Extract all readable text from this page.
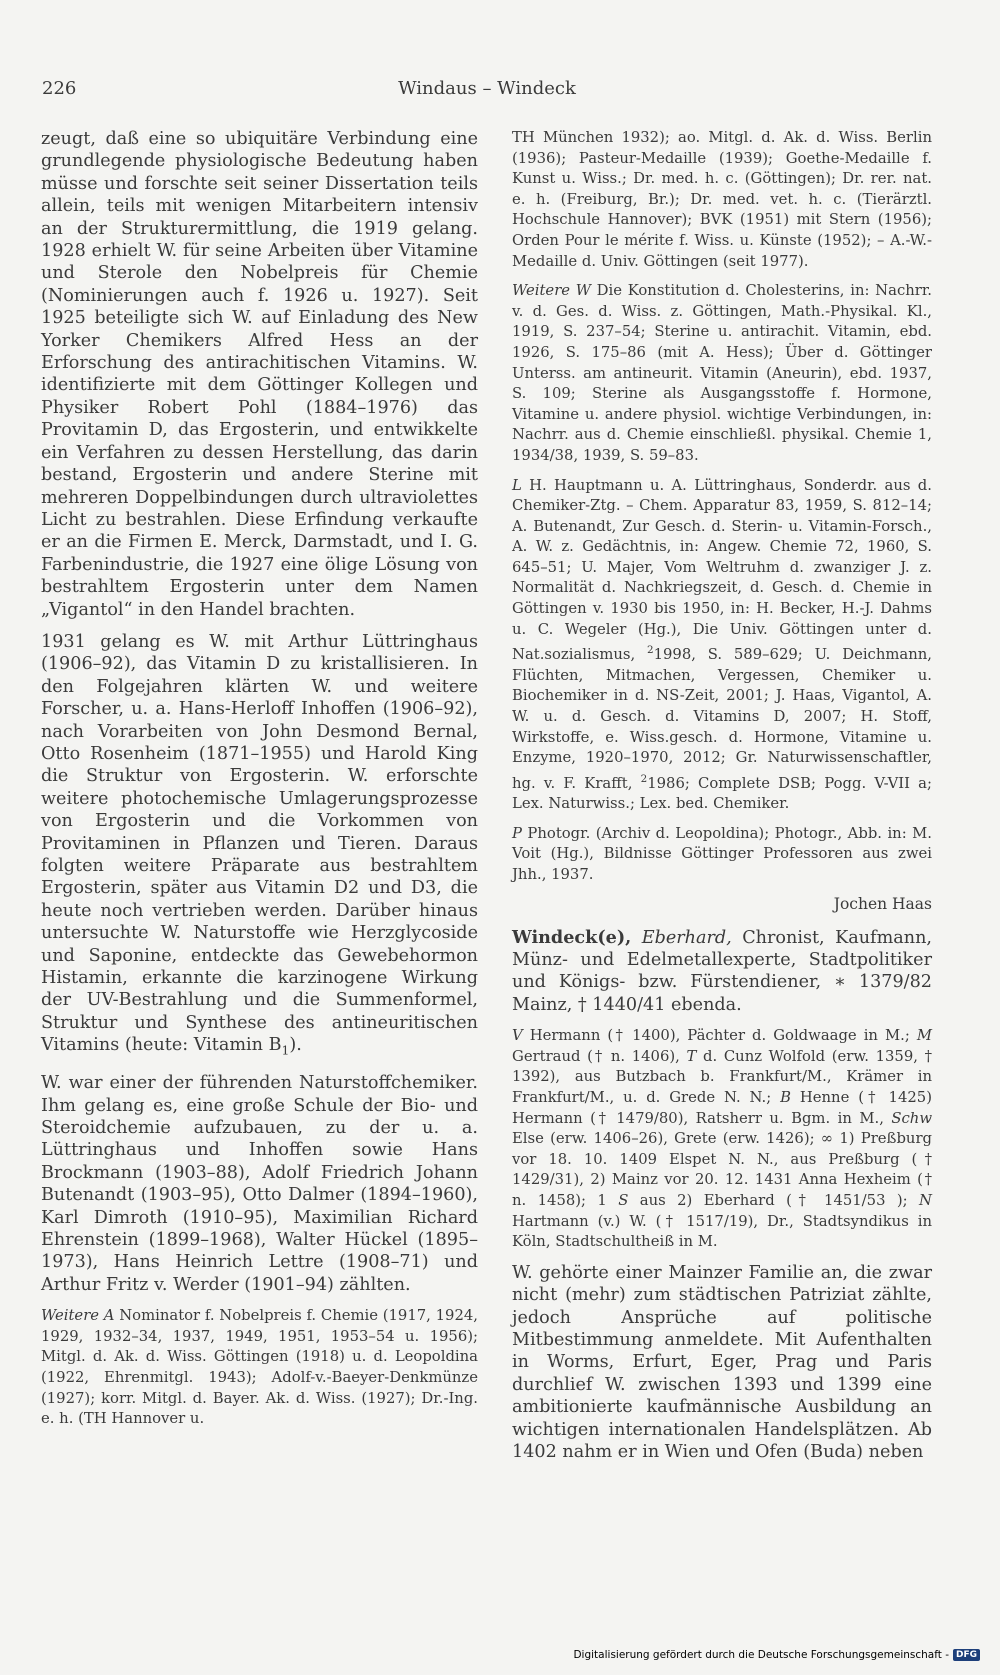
226	Windaus – Windeck

zeugt, daß eine so ubiquitäre Verbindung eine grundlegende physiologische Bedeutung haben müsse und forschte seit seiner Dissertation teils allein, teils mit wenigen Mitarbeitern intensiv an der Strukturermittlung, die 1919 gelang. 1928 erhielt W. für seine Arbeiten über Vitamine und Sterole den Nobelpreis für Chemie (Nominierungen auch f. 1926 u. 1927). Seit 1925 beteiligte sich W. auf Einladung des New Yorker Chemikers Alfred Hess an der Erforschung des antirachitischen Vitamins. W. identifizierte mit dem Göttinger Kollegen und Physiker Robert Pohl (1884–1976) das Provitamin D, das Ergosterin, und entwikkelte ein Verfahren zu dessen Herstellung, das darin bestand, Ergosterin und andere Sterine mit mehreren Doppelbindungen durch ultraviolettes Licht zu bestrahlen. Diese Erfindung verkaufte er an die Firmen E. Merck, Darmstadt, und I. G. Farbenindustrie, die 1927 eine ölige Lösung von bestrahltem Ergosterin unter dem Namen „Vigantol“ in den Handel brachten.

1931 gelang es W. mit Arthur Lüttringhaus (1906–92), das Vitamin D zu kristallisieren. In den Folgejahren klärten W. und weitere Forscher, u. a. Hans-Herloff Inhoffen (1906–92), nach Vorarbeiten von John Desmond Bernal, Otto Rosenheim (1871–1955) und Harold King die Struktur von Ergosterin. W. erforschte weitere photochemische Umlagerungsprozesse von Ergosterin und die Vorkommen von Provitaminen in Pflanzen und Tieren. Daraus folgten weitere Präparate aus bestrahltem Ergosterin, später aus Vitamin D2 und D3, die heute noch vertrieben werden. Darüber hinaus untersuchte W. Naturstoffe wie Herzglycoside und Saponine, entdeckte das Gewebehormon Histamin, erkannte die karzinogene Wirkung der UV-Bestrahlung und die Summenformel, Struktur und Synthese des antineuritischen Vitamins (heute: Vitamin $B_1$).

W. war einer der führenden Naturstoffchemiker. Ihm gelang es, eine große Schule der Bio- und Steroidchemie aufzubauen, zu der u. a. Lüttringhaus und Inhoffen sowie Hans Brockmann (1903–88), Adolf Friedrich Johann Butenandt (1903–95), Otto Dalmer (1894–1960), Karl Dimroth (1910–95), Maximilian Richard Ehrenstein (1899–1968), Walter Hückel (1895–1973), Hans Heinrich Lettre (1908–71) und Arthur Fritz v. Werder (1901–94) zählten.

Weitere A Nominator f. Nobelpreis f. Chemie (1917, 1924, 1929, 1932–34, 1937, 1949, 1951, 1953–54 u. 1956); Mitgl. d. Ak. d. Wiss. Göttingen (1918) u. d. Leopoldina (1922, Ehrenmitgl. 1943); Adolf-v.-Baeyer-Denkmünze (1927); korr. Mitgl. d. Bayer. Ak. d. Wiss. (1927); Dr.-Ing. e. h. (TH Hannover u.

TH München 1932); ao. Mitgl. d. Ak. d. Wiss. Berlin (1936); Pasteur-Medaille (1939); Goethe-Medaille f. Kunst u. Wiss.; Dr. med. h. c. (Göttingen); Dr. rer. nat. e. h. (Freiburg, Br.); Dr. med. vet. h. c. (Tierärztl. Hochschule Hannover); BVK (1951) mit Stern (1956); Orden Pour le mérite f. Wiss. u. Künste (1952); – A.-W.-Medaille d. Univ. Göttingen (seit 1977).

Weitere W Die Konstitution d. Cholesterins, in: Nachrr. v. d. Ges. d. Wiss. z. Göttingen, Math.-Physikal. Kl., 1919, S. 237–54; Sterine u. antirachit. Vitamin, ebd. 1926, S. 175–86 (mit A. Hess); Über d. Göttinger Unterss. am antineurit. Vitamin (Aneurin), ebd. 1937, S. 109; Sterine als Ausgangsstoffe f. Hormone, Vitamine u. andere physiol. wichtige Verbindungen, in: Nachrr. aus d. Chemie einschließl. physikal. Chemie 1, 1934/38, 1939, S. 59–83.

L H. Hauptmann u. A. Lüttringhaus, Sonderdr. aus d. Chemiker-Ztg. – Chem. Apparatur 83, 1959, S. 812–14; A. Butenandt, Zur Gesch. d. Sterin- u. Vitamin-Forsch., A. W. z. Gedächtnis, in: Angew. Chemie 72, 1960, S. 645–51; U. Majer, Vom Weltruhm d. zwanziger J. z. Normalität d. Nachkriegszeit, d. Gesch. d. Chemie in Göttingen v. 1930 bis 1950, in: H. Becker, H.-J. Dahms u. C. Wegeler (Hg.), Die Univ. Göttingen unter d. Nat.sozialismus, $^2$1998, S. 589–629; U. Deichmann, Flüchten, Mitmachen, Vergessen, Chemiker u. Biochemiker in d. NS-Zeit, 2001; J. Haas, Vigantol, A. W. u. d. Gesch. d. Vitamins D, 2007; H. Stoff, Wirkstoffe, e. Wiss.gesch. d. Hormone, Vitamine u. Enzyme, 1920–1970, 2012; Gr. Naturwissenschaftler, hg. v. F. Krafft, $^2$1986; Complete DSB; Pogg. V-VII a; Lex. Naturwiss.; Lex. bed. Chemiker.

P Photogr. (Archiv d. Leopoldina); Photogr., Abb. in: M. Voit (Hg.), Bildnisse Göttinger Professoren aus zwei Jhh., 1937.

Jochen Haas

Windeck(e), Eberhard, Chronist, Kaufmann, Münz- und Edelmetallexperte, Stadtpolitiker und Königs- bzw. Fürstendiener, ∗ 1379/82 Mainz, † 1440/41 ebenda.

V Hermann († 1400), Pächter d. Goldwaage in M.; M Gertraud († n. 1406), T d. Cunz Wolfold (erw. 1359, † 1392), aus Butzbach b. Frankfurt/M., Krämer in Frankfurt/M., u. d. Grede N. N.; B Henne († 1425) Hermann († 1479/80), Ratsherr u. Bgm. in M., Schw Else (erw. 1406–26), Grete (erw. 1426); ∞ 1) Preßburg vor 18. 10. 1409 Elspet N. N., aus Preßburg († 1429/31), 2) Mainz vor 20. 12. 1431 Anna Hexheim († n. 1458); 1 S aus 2) Eberhard († 1451/53 ); N Hartmann (v.) W. († 1517/19), Dr., Stadtsyndikus in Köln, Stadtschultheiß in M.

W. gehörte einer Mainzer Familie an, die zwar nicht (mehr) zum städtischen Patriziat zählte, jedoch Ansprüche auf politische Mitbestimmung anmeldete. Mit Aufenthalten in Worms, Erfurt, Eger, Prag und Paris durchlief W. zwischen 1393 und 1399 eine ambitionierte kaufmännische Ausbildung an wichtigen internationalen Handelsplätzen. Ab 1402 nahm er in Wien und Ofen (Buda) neben

Digitalisierung gefördert durch die Deutsche Forschungsgemeinschaft - DFG
